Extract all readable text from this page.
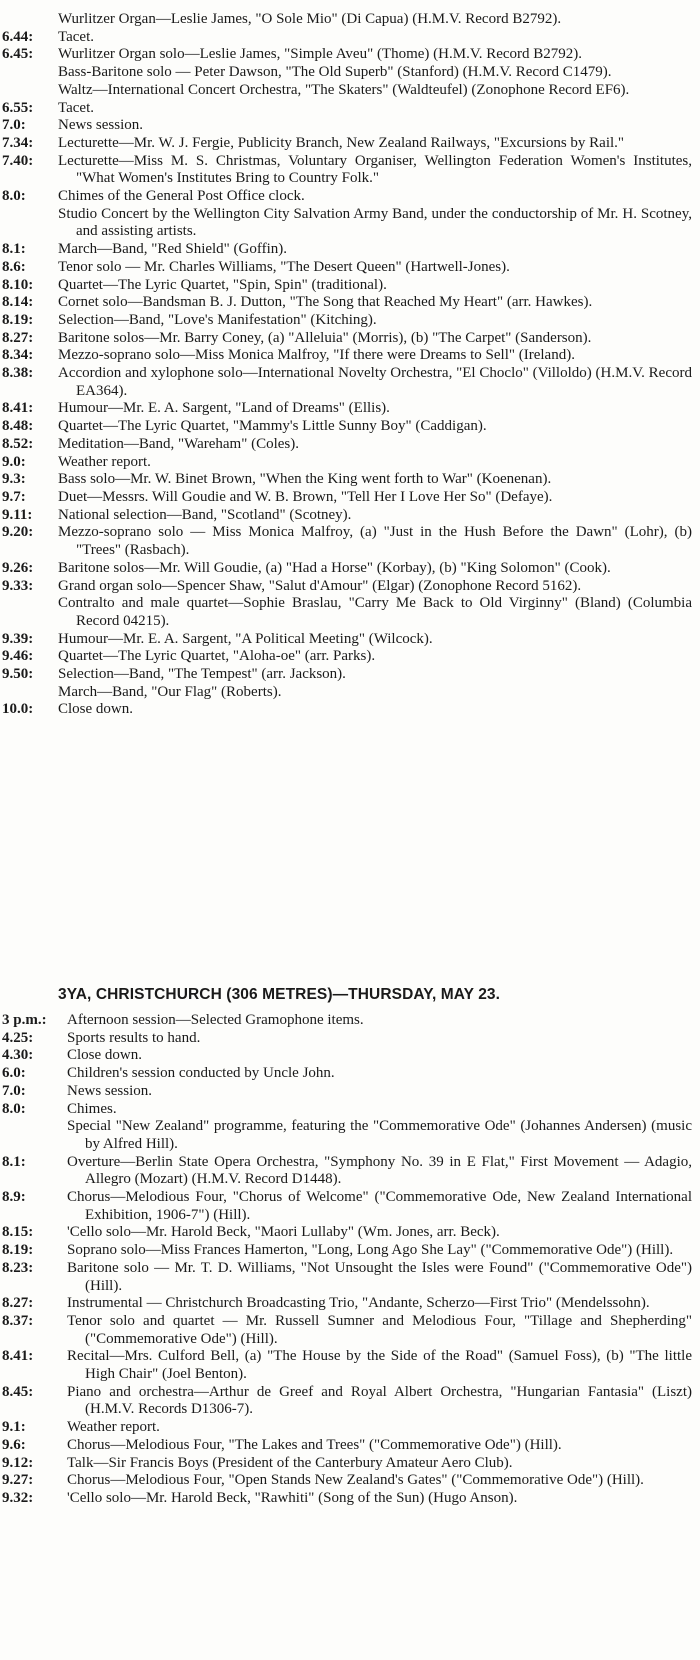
Wurlitzer Organ—Leslie James, "O Sole Mio" (Di Capua) (H.M.V. Record B2792).
6.44:	Tacet.
6.45:	Wurlitzer Organ solo—Leslie James, "Simple Aveu" (Thome) (H.M.V. Record B2792).
Bass-Baritone solo — Peter Dawson, "The Old Superb" (Stanford) (H.M.V. Record C1479).
Waltz—International Concert Orchestra, "The Skaters" (Waldteufel) (Zonophone Record EF6).
6.55:	Tacet.
7.0:	News session.
7.34:	Lecturette—Mr. W. J. Fergie, Publicity Branch, New Zealand Railways, "Excursions by Rail."
7.40:	Lecturette—Miss M. S. Christmas, Voluntary Organiser, Wellington Federation Women's Institutes, "What Women's Institutes Bring to Country Folk."
8.0:	Chimes of the General Post Office clock.
Studio Concert by the Wellington City Salvation Army Band, under the conductorship of Mr. H. Scotney, and assisting artists.
8.1:	March—Band, "Red Shield" (Goffin).
8.6:	Tenor solo — Mr. Charles Williams, "The Desert Queen" (Hartwell-Jones).
8.10:	Quartet—The Lyric Quartet, "Spin, Spin" (traditional).
8.14:	Cornet solo—Bandsman B. J. Dutton, "The Song that Reached My Heart" (arr. Hawkes).
8.19:	Selection—Band, "Love's Manifestation" (Kitching).
8.27:	Baritone solos—Mr. Barry Coney, (a) "Alleluia" (Morris), (b) "The Carpet" (Sanderson).
8.34:	Mezzo-soprano solo—Miss Monica Malfroy, "If there were Dreams to Sell" (Ireland).
8.38:	Accordion and xylophone solo—International Novelty Orchestra, "El Choclo" (Villoldo) (H.M.V. Record EA364).
8.41:	Humour—Mr. E. A. Sargent, "Land of Dreams" (Ellis).
8.48:	Quartet—The Lyric Quartet, "Mammy's Little Sunny Boy" (Caddigan).
8.52:	Meditation—Band, "Wareham" (Coles).
9.0:	Weather report.
9.3:	Bass solo—Mr. W. Binet Brown, "When the King went forth to War" (Koenenan).
9.7:	Duet—Messrs. Will Goudie and W. B. Brown, "Tell Her I Love Her So" (Defaye).
9.11:	National selection—Band, "Scotland" (Scotney).
9.20:	Mezzo-soprano solo — Miss Monica Malfroy, (a) "Just in the Hush Before the Dawn" (Lohr), (b) "Trees" (Rasbach).
9.26:	Baritone solos—Mr. Will Goudie, (a) "Had a Horse" (Korbay), (b) "King Solomon" (Cook).
9.33:	Grand organ solo—Spencer Shaw, "Salut d'Amour" (Elgar) (Zonophone Record 5162).
Contralto and male quartet—Sophie Braslau, "Carry Me Back to Old Virginny" (Bland) (Columbia Record 04215).
9.39:	Humour—Mr. E. A. Sargent, "A Political Meeting" (Wilcock).
9.46:	Quartet—The Lyric Quartet, "Aloha-oe" (arr. Parks).
9.50:	Selection—Band, "The Tempest" (arr. Jackson).
March—Band, "Our Flag" (Roberts).
10.0:	Close down.
3YA, CHRISTCHURCH (306 METRES)—THURSDAY, MAY 23.
3 p.m.:	Afternoon session—Selected Gramophone items.
4.25:	Sports results to hand.
4.30:	Close down.
6.0:	Children's session conducted by Uncle John.
7.0:	News session.
8.0:	Chimes.
Special "New Zealand" programme, featuring the "Commemorative Ode" (Johannes Andersen) (music by Alfred Hill).
8.1:	Overture—Berlin State Opera Orchestra, "Symphony No. 39 in E Flat," First Movement — Adagio, Allegro (Mozart) (H.M.V. Record D1448).
8.9:	Chorus—Melodious Four, "Chorus of Welcome" ("Commemorative Ode, New Zealand International Exhibition, 1906-7") (Hill).
8.15:	'Cello solo—Mr. Harold Beck, "Maori Lullaby" (Wm. Jones, arr. Beck).
8.19:	Soprano solo—Miss Frances Hamerton, "Long, Long Ago She Lay" ("Commemorative Ode") (Hill).
8.23:	Baritone solo — Mr. T. D. Williams, "Not Unsought the Isles were Found" ("Commemorative Ode") (Hill).
8.27:	Instrumental — Christchurch Broadcasting Trio, "Andante, Scherzo—First Trio" (Mendelssohn).
8.37:	Tenor solo and quartet — Mr. Russell Sumner and Melodious Four, "Tillage and Shepherding" ("Commemorative Ode") (Hill).
8.41:	Recital—Mrs. Culford Bell, (a) "The House by the Side of the Road" (Samuel Foss), (b) "The little High Chair" (Joel Benton).
8.45:	Piano and orchestra—Arthur de Greef and Royal Albert Orchestra, "Hungarian Fantasia" (Liszt) (H.M.V. Records D1306-7).
9.1:	Weather report.
9.6:	Chorus—Melodious Four, "The Lakes and Trees" ("Commemorative Ode") (Hill).
9.12:	Talk—Sir Francis Boys (President of the Canterbury Amateur Aero Club).
9.27:	Chorus—Melodious Four, "Open Stands New Zealand's Gates" ("Commemorative Ode") (Hill).
9.32:	'Cello solo—Mr. Harold Beck, "Rawhiti" (Song of the Sun) (Hugo Anson).
